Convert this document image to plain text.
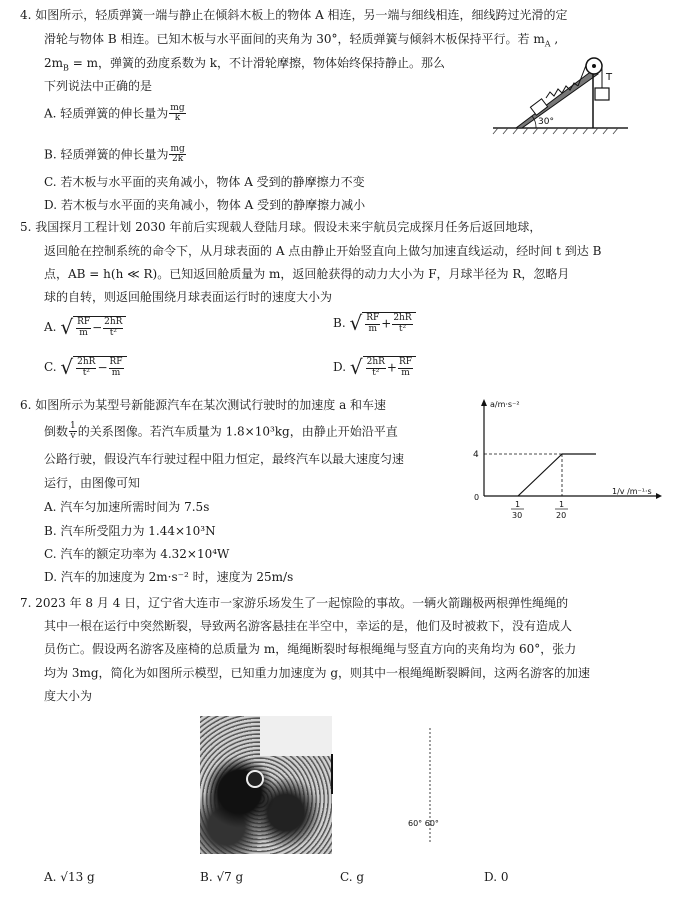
4. 如图所示，轻质弹簧一端与静止在倾斜木板上的物体 A 相连，另一端与细线相连，细线跨过光滑的定
滑轮与物体 B 相连。已知木板与水平面间的夹角为 30°，轻质弹簧与倾斜木板保持平行。若 $m_A$ ,
$2m_B = m$，弹簧的劲度系数为 k，不计滑轮摩擦，物体始终保持静止。那么
下列说法中正确的是
A. 轻质弹簧的伸长量为 $\frac{mg}{k}$
B. 轻质弹簧的伸长量为 $\frac{mg}{2k}$
C. 若木板与水平面的夹角减小，物体 A 受到的静摩擦力不变
D. 若木板与水平面的夹角减小，物体 A 受到的静摩擦力减小
T
30°
5. 我国探月工程计划 2030 年前后实现载人登陆月球。假设未来宇航员完成探月任务后返回地球，
返回舱在控制系统的命令下，从月球表面的 A 点由静止开始竖直向上做匀加速直线运动，经时间 t 到达 B
点，AB = h(h ≪ R)。已知返回舱质量为 m，返回舱获得的动力大小为 F，月球半径为 R，忽略月
球的自转，则返回舱围绕月球表面运行时的速度大小为
A. √ $\frac{RF}{m} - \frac{2hR}{\text{t²}}$	B. √ $\frac{RF}{m} + \frac{2hR}{\text{t²}}$
C. √ $\frac{2hR}{\text{t²}} - \frac{RF}{m}$	D. √ $\frac{2hR}{\text{t²}} + \frac{RF}{m}$
6. 如图所示为某型号新能源汽车在某次测试行驶时的加速度 a 和车速
倒数 $\frac{1}{v}$ 的关系图像。若汽车质量为 1.8×10³kg，由静止开始沿平直
公路行驶，假设汽车行驶过程中阻力恒定，最终汽车以最大速度匀速
运行，由图像可知
A. 汽车匀加速所需时间为 7.5s
B. 汽车所受阻力为 1.44×10³N
C. 汽车的额定功率为 4.32×10⁴W
D. 汽车的加速度为 2m·s⁻² 时，速度为 25m/s
a/m·s⁻²
1/v /m⁻¹·s
0
4
1
30
1
20
7. 2023 年 8 月 4 日，辽宁省大连市一家游乐场发生了一起惊险的事故。一辆火箭蹦极两根弹性绳绳的
其中一根在运行中突然断裂，导致两名游客悬挂在半空中，幸运的是，他们及时被救下，没有造成人
员伤亡。假设两名游客及座椅的总质量为 m，绳绳断裂时每根绳绳与竖直方向的夹角均为 60°，张力
均为 3mg，简化为如图所示模型，已知重力加速度为 g，则其中一根绳绳断裂瞬间，这两名游客的加速
度大小为
60° 60°
A. √13 g	B. √7 g	C. g	D. 0
